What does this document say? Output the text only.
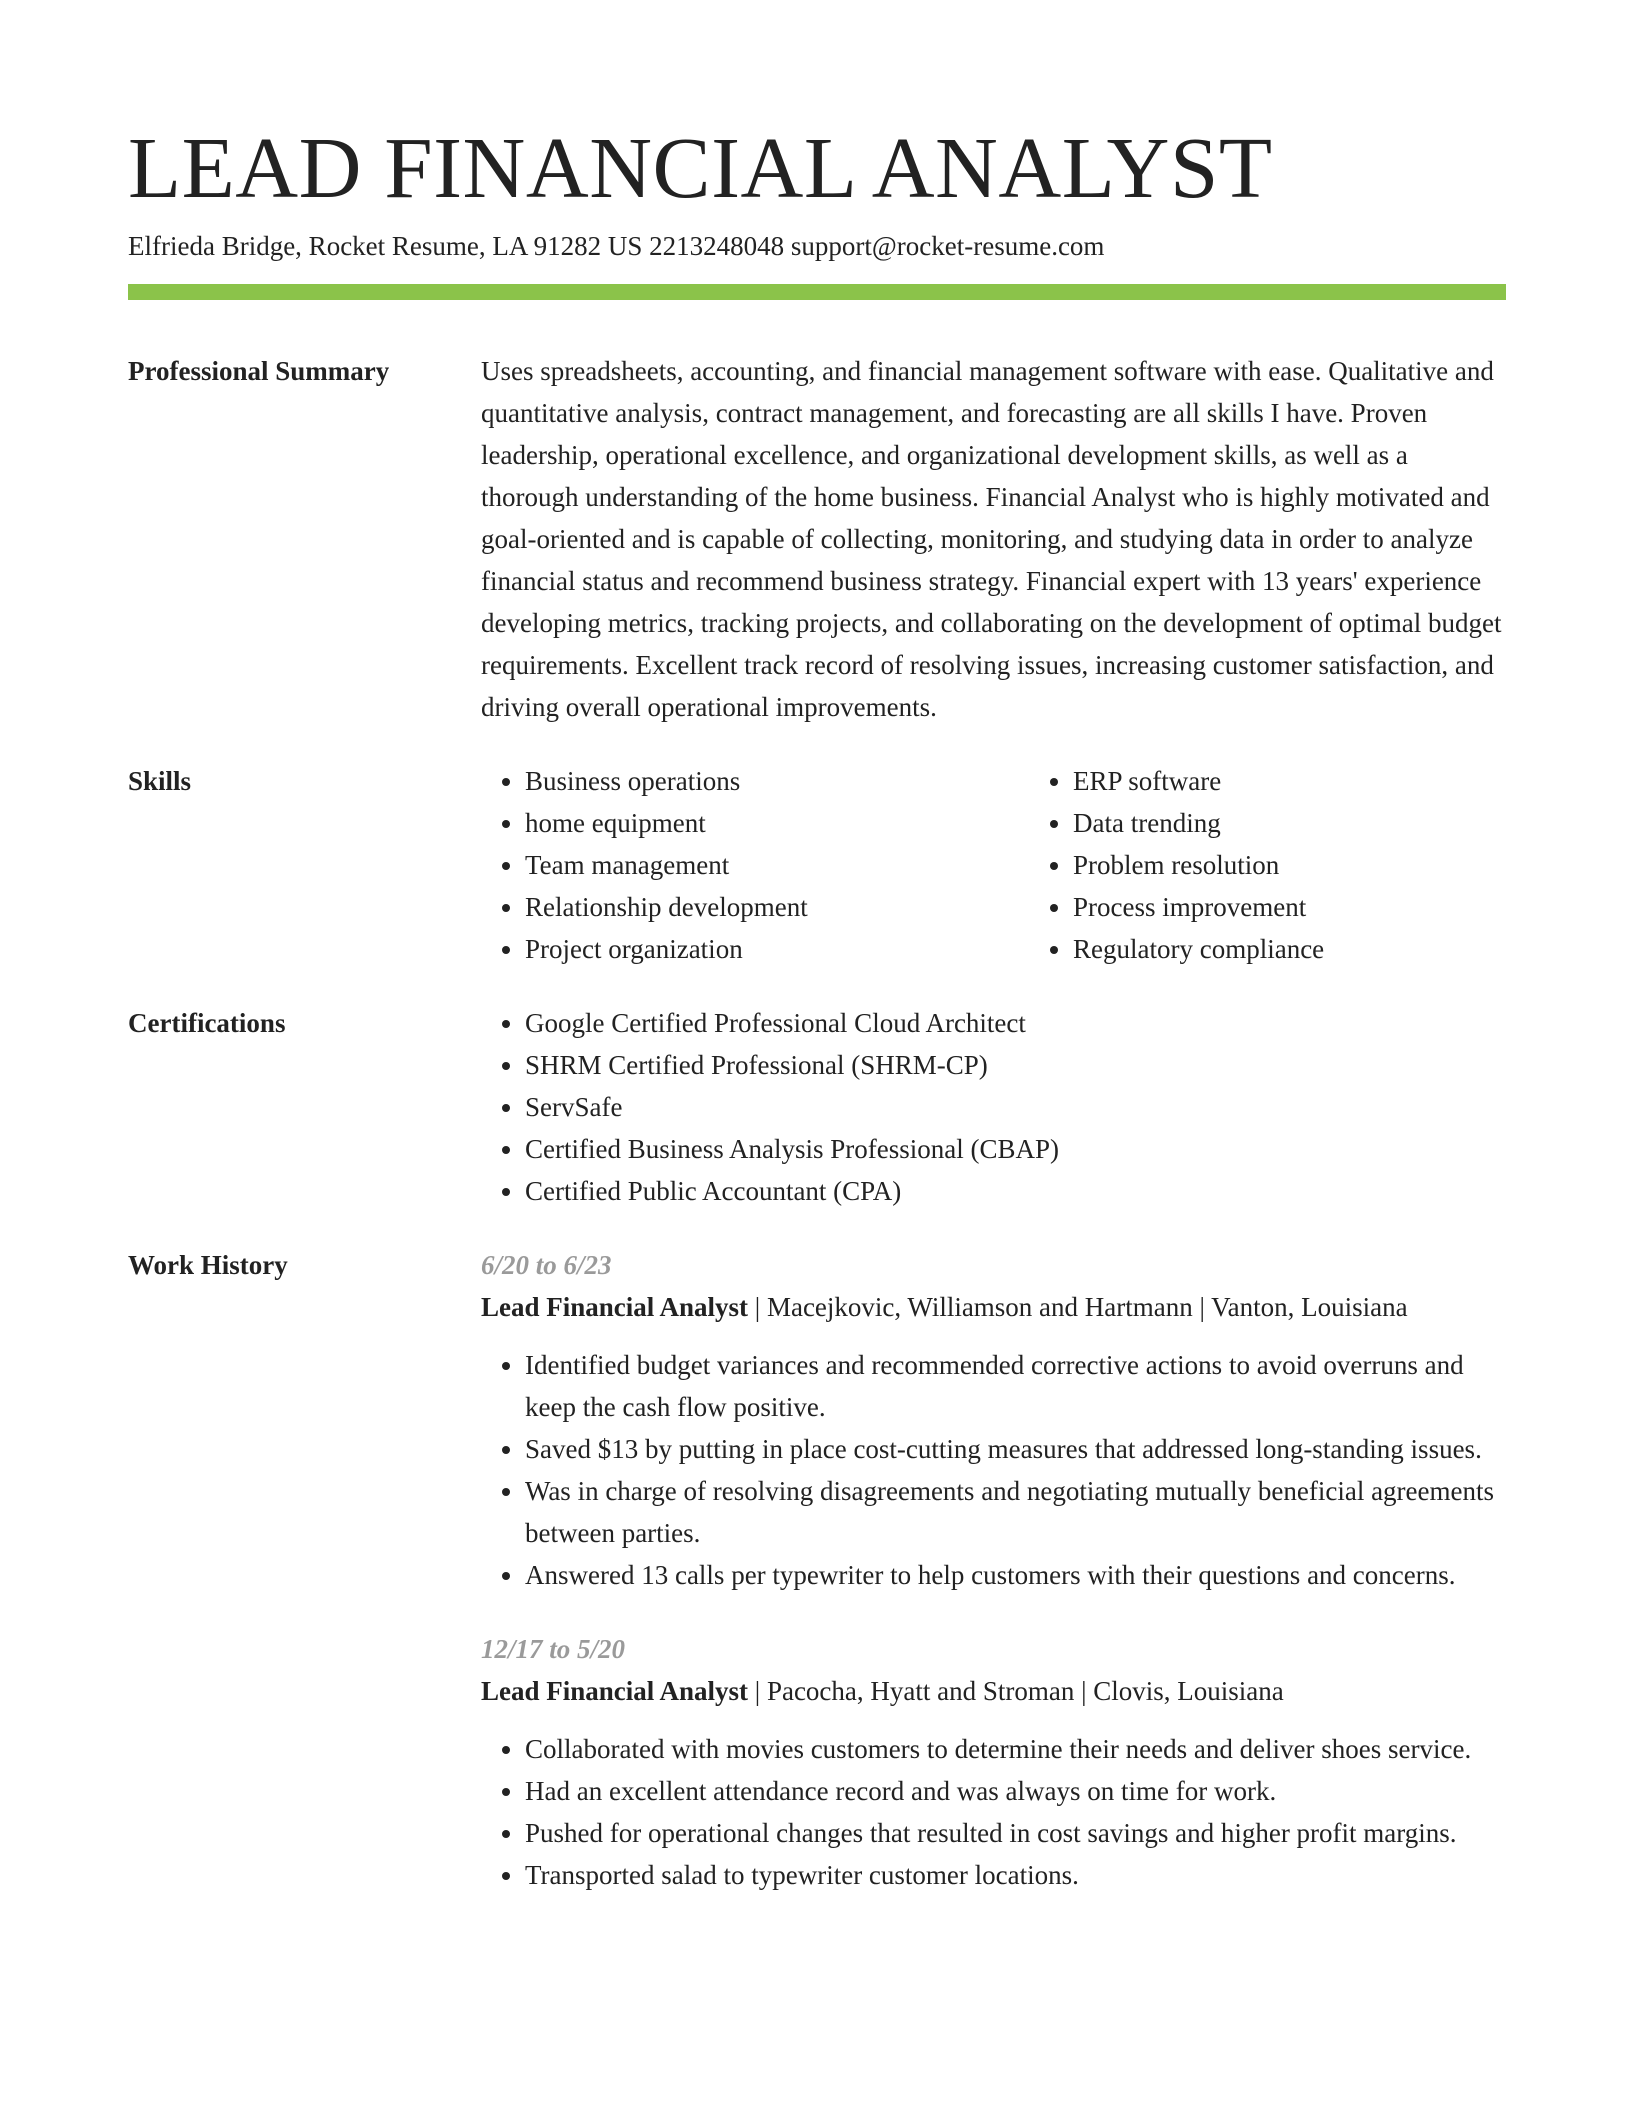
LEAD FINANCIAL ANALYST
Elfrieda Bridge, Rocket Resume, LA 91282 US 2213248048 support@rocket-resume.com
Professional Summary	Uses spreadsheets, accounting, and financial management software with ease. Qualitative and quantitative analysis, contract management, and forecasting are all skills I have. Proven leadership, operational excellence, and organizational development skills, as well as a thorough understanding of the home business. Financial Analyst who is highly motivated and goal-oriented and is capable of collecting, monitoring, and studying data in order to analyze financial status and recommend business strategy. Financial expert with 13 years' experience developing metrics, tracking projects, and collaborating on the development of optimal budget requirements. Excellent track record of resolving issues, increasing customer satisfaction, and driving overall operational improvements.

Skills	• Business operations
• home equipment
• Team management
• Relationship development
• Project organization
• ERP software
• Data trending
• Problem resolution
• Process improvement
• Regulatory compliance
Certifications	• Google Certified Professional Cloud Architect
• SHRM Certified Professional (SHRM-CP)
• ServSafe
• Certified Business Analysis Professional (CBAP)
• Certified Public Accountant (CPA)
Work History	6/20 to 6/23
Lead Financial Analyst | Macejkovic, Williamson and Hartmann | Vanton, Louisiana
• Identified budget variances and recommended corrective actions to avoid overruns and keep the cash flow positive.
• Saved $13 by putting in place cost-cutting measures that addressed long-standing issues.
• Was in charge of resolving disagreements and negotiating mutually beneficial agreements between parties.
• Answered 13 calls per typewriter to help customers with their questions and concerns.
12/17 to 5/20
Lead Financial Analyst | Pacocha, Hyatt and Stroman | Clovis, Louisiana
• Collaborated with movies customers to determine their needs and deliver shoes service.
• Had an excellent attendance record and was always on time for work.
• Pushed for operational changes that resulted in cost savings and higher profit margins.
• Transported salad to typewriter customer locations.
